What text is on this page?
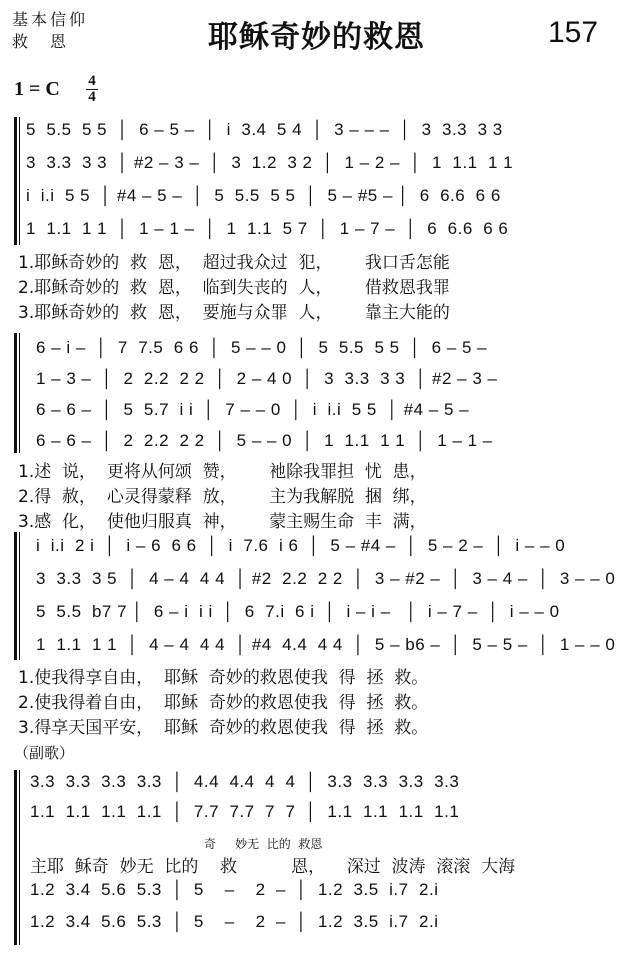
基本信仰
救　恩	耶稣奇妙的救恩	157
1 = C 4
4
5  5.5  5 5  │  6 – 5 –  │  i  3.4  5 4  │  3 – – –  │  3  3.3  3 3
3  3.3  3 3  │ #2 – 3 –  │  3  1.2  3 2  │  1 – 2 –  │  1  1.1  1 1
i  i.i  5 5  │ #4 – 5 –  │  5  5.5  5 5  │  5 – #5 – │  6  6.6  6 6
1  1.1  1 1  │  1 – 1 –  │  1  1.1  5 7  │  1 – 7 –  │  6  6.6  6 6
1.耶稣奇妙的  救  恩，  超过我众过  犯，      我口舌怎能
2.耶稣奇妙的  救  恩，  临到失丧的  人，      借救恩我罪
3.耶稣奇妙的  救  恩，  要施与众罪  人，      靠主大能的
6 – i –  │  7  7.5  6 6  │  5 – – 0  │  5  5.5  5 5  │  6 – 5 –
1 – 3 –  │  2  2.2  2 2  │  2 – 4 0  │  3  3.3  3 3  │ #2 – 3 –
6 – 6 –  │  5  5.7  i i  │  7 – – 0  │  i  i.i  5 5  │ #4 – 5 –
6 – 6 –  │  2  2.2  2 2  │  5 – – 0  │  1  1.1  1 1  │  1 – 1 –
1.述  说，  更将从何颂  赞，      衪除我罪担  忧  患，
2.得  赦，  心灵得蒙释  放，      主为我解脱  捆  绑，
3.感  化，  使他归服真  神，      蒙主赐生命  丰  满，
i  i.i  2 i  │  i – 6  6 6  │  i  7.6  i 6  │  5 – #4 –  │  5 – 2 –  │  i – – 0
3  3.3  3 5  │  4 – 4  4 4  │ #2  2.2  2 2  │  3 – #2 –  │  3 – 4 –  │  3 – – 0
5  5.5  b7 7 │  6 – i  i i  │  6  7.i  6 i  │  i – i –   │  i – 7 –  │  i – – 0
1  1.1  1 1  │  4 – 4  4 4  │ #4  4.4  4 4  │  5 – b6 –  │  5 – 5 –  │  1 – – 0
1.使我得享自由，  耶稣  奇妙的救恩使我  得  拯  救。
2.使我得着自由，  耶稣  奇妙的救恩使我  得  拯  救。
3.得享天国平安，  耶稣  奇妙的救恩使我  得  拯  救。
（副歌）
3.3  3.3  3.3  3.3  │  4.4  4.4  4  4  │  3.3  3.3  3.3  3.3
1.1  1.1  1.1  1.1  │  7.7  7.7  7  7  │  1.1  1.1  1.1  1.1
奇     妙无  比的  救恩
主耶  稣奇  妙无  比的    救          恩，    深过  波涛  滚滚  大海
1.2  3.4  5.6  5.3  │  5    –    2  –  │  1.2  3.5  i.7  2.i
1.2  3.4  5.6  5.3  │  5    –    2  –  │  1.2  3.5  i.7  2.i
